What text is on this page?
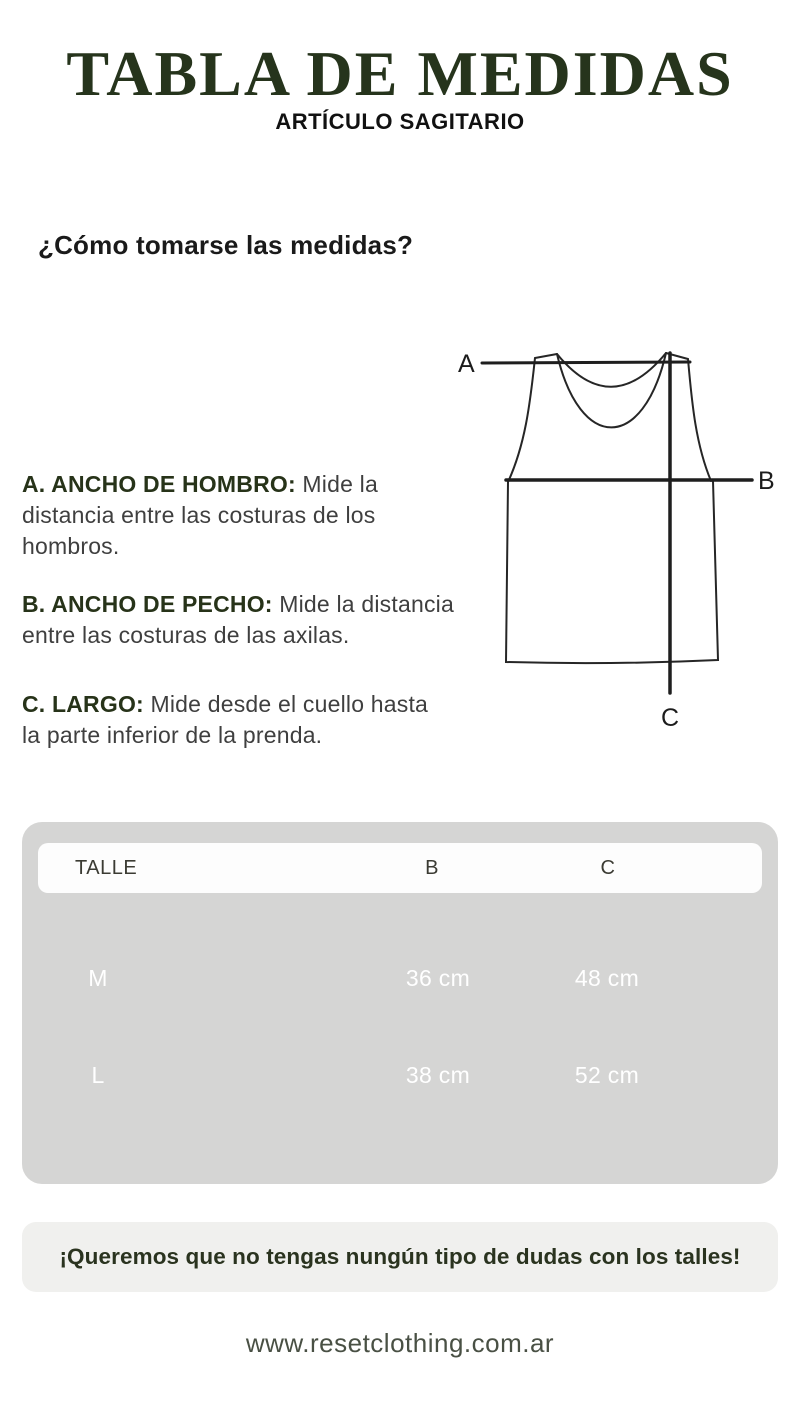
TABLA DE MEDIDAS
ARTÍCULO SAGITARIO
¿Cómo tomarse las medidas?

A. ANCHO DE HOMBRO: Mide la distancia entre las costuras de los hombros.

B. ANCHO DE PECHO: Mide la distancia entre las costuras de las axilas.

C. LARGO: Mide desde el cuello hasta la parte inferior de la prenda.

A
B
C
TALLE	B	C
M	36 cm	48 cm
L	38 cm	52 cm
¡Queremos que no tengas nungún tipo de dudas con los talles!
www.resetclothing.com.ar
